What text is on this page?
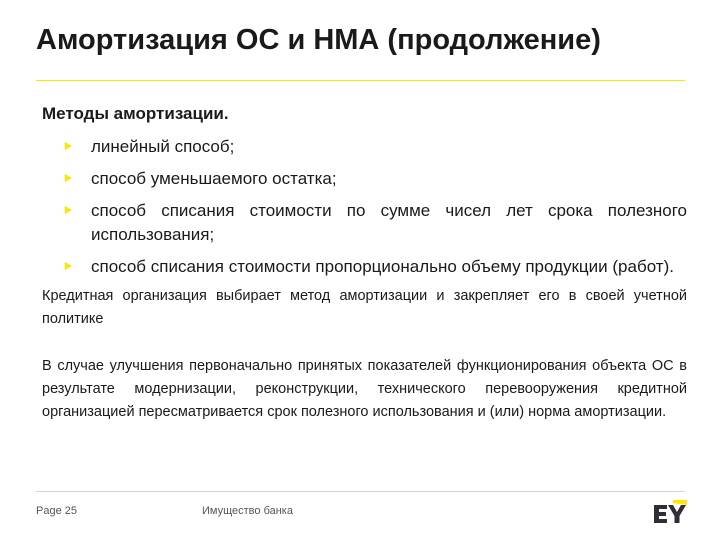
Амортизация ОС и НМА (продолжение)
Методы амортизации.
линейный способ;
способ уменьшаемого остатка;
способ списания стоимости по сумме чисел лет срока полезного использования;
способ списания стоимости пропорционально объему продукции (работ).

Кредитная организация выбирает метод амортизации и закрепляет его в своей учетной политике

В случае улучшения первоначально принятых показателей функционирования объекта ОС в результате модернизации, реконструкции, технического перевооружения кредитной организацией пересматривается срок полезного использования и (или) норма амортизации.

Page 25	Имущество банка
